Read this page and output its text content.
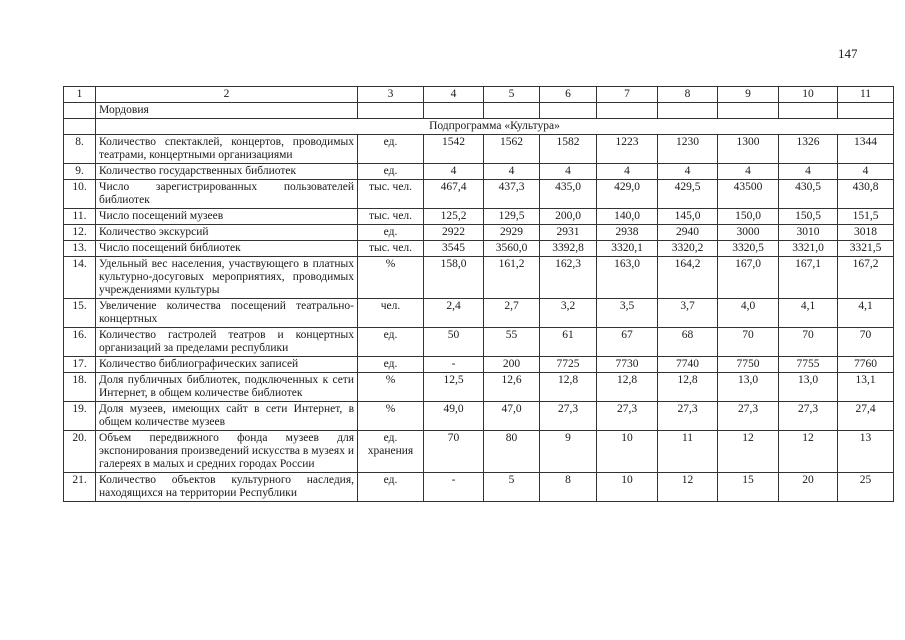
147
1	2	3	4	5	6	7	8	9	10	11
	Мордовия									
	Подпрограмма «Культура»									
8.	Количество спектаклей, концертов, проводимых театрами, концертными организациями	ед.	1542	1562	1582	1223	1230	1300	1326	1344
9.	Количество государственных библиотек	ед.	4	4	4	4	4	4	4	4
10.	Число зарегистрированных пользователей библиотек	тыс. чел.	467,4	437,3	435,0	429,0	429,5	43500	430,5	430,8
11.	Число посещений музеев	тыс. чел.	125,2	129,5	200,0	140,0	145,0	150,0	150,5	151,5
12.	Количество экскурсий	ед.	2922	2929	2931	2938	2940	3000	3010	3018
13.	Число посещений библиотек	тыс. чел.	3545	3560,0	3392,8	3320,1	3320,2	3320,5	3321,0	3321,5
14.	Удельный вес населения, участвующего в платных культурно-досуговых мероприятиях, проводимых учреждениями культуры	%	158,0	161,2	162,3	163,0	164,2	167,0	167,1	167,2
15.	Увеличение количества посещений театрально-концертных	чел.	2,4	2,7	3,2	3,5	3,7	4,0	4,1	4,1
16.	Количество гастролей театров и концертных организаций за пределами республики	ед.	50	55	61	67	68	70	70	70
17.	Количество библиографических записей	ед.	-	200	7725	7730	7740	7750	7755	7760
18.	Доля публичных библиотек, подключенных к сети Интернет, в общем количестве библиотек	%	12,5	12,6	12,8	12,8	12,8	13,0	13,0	13,1
19.	Доля музеев, имеющих сайт в сети Интернет, в общем количестве музеев	%	49,0	47,0	27,3	27,3	27,3	27,3	27,3	27,4
20.	Объем передвижного фонда музеев для экспонирования произведений искусства в музеях и галереях в малых и средних городах России	ед. хранения	70	80	9	10	11	12	12	13
21.	Количество объектов культурного наследия, находящихся на территории Республики	ед.	-	5	8	10	12	15	20	25
